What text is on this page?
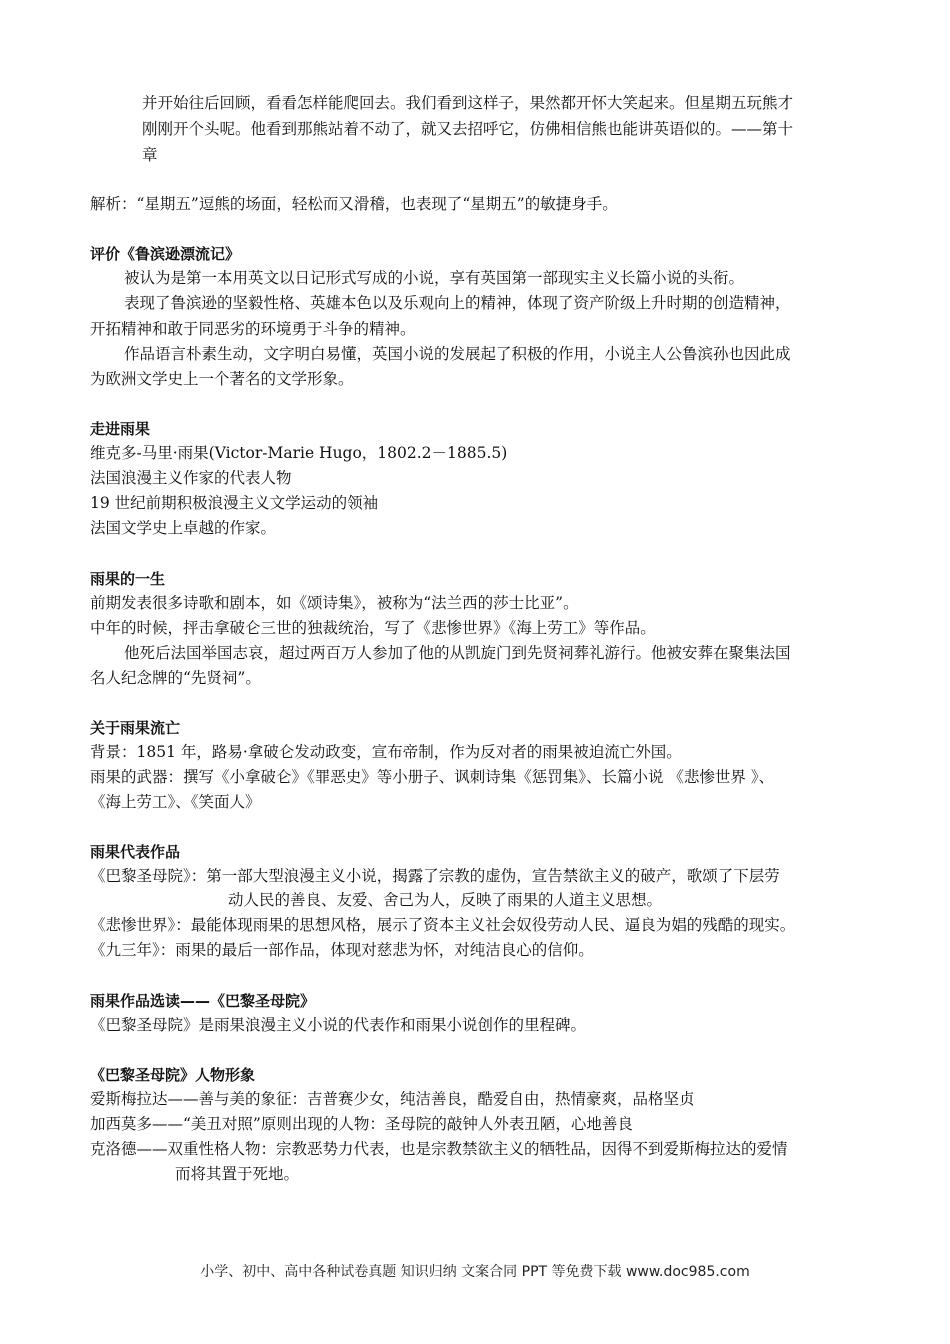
并开始往后回顾，看看怎样能爬回去。我们看到这样子，果然都开怀大笑起来。但星期五玩熊才
刚刚开个头呢。他看到那熊站着不动了，就又去招呼它，仿佛相信熊也能讲英语似的。——第十
章
解析：“星期五”逗熊的场面，轻松而又滑稽，也表现了“星期五”的敏捷身手。
评价《鲁滨逊漂流记》
被认为是第一本用英文以日记形式写成的小说，享有英国第一部现实主义长篇小说的头衔。
表现了鲁滨逊的坚毅性格、英雄本色以及乐观向上的精神，体现了资产阶级上升时期的创造精神，
开拓精神和敢于同恶劣的环境勇于斗争的精神。
作品语言朴素生动，文字明白易懂，英国小说的发展起了积极的作用，小说主人公鲁滨孙也因此成
为欧洲文学史上一个著名的文学形象。
走进雨果
维克多-马里·雨果(Victor-Marie Hugo，1802.2－1885.5)
法国浪漫主义作家的代表人物
19 世纪前期积极浪漫主义文学运动的领袖
法国文学史上卓越的作家。
雨果的一生
前期发表很多诗歌和剧本，如《颂诗集》，被称为“法兰西的莎士比亚”。
中年的时候，抨击拿破仑三世的独裁统治，写了《悲惨世界》《海上劳工》等作品。
他死后法国举国志哀，超过两百万人参加了他的从凯旋门到先贤祠葬礼游行。他被安葬在聚集法国
名人纪念牌的“先贤祠”。
关于雨果流亡
背景：1851 年，路易·拿破仑发动政变，宣布帝制，作为反对者的雨果被迫流亡外国。
雨果的武器：撰写《小拿破仑》《罪恶史》等小册子、讽刺诗集《惩罚集》、长篇小说 《悲惨世界 》、
《海上劳工》、《笑面人》
雨果代表作品
《巴黎圣母院》：第一部大型浪漫主义小说，揭露了宗教的虚伪，宣告禁欲主义的破产，歌颂了下层劳
动人民的善良、友爱、舍己为人，反映了雨果的人道主义思想。
《悲惨世界》：最能体现雨果的思想风格，展示了资本主义社会奴役劳动人民、逼良为娼的残酷的现实。
《九三年》：雨果的最后一部作品，体现对慈悲为怀，对纯洁良心的信仰。
雨果作品选读——《巴黎圣母院》
《巴黎圣母院》是雨果浪漫主义小说的代表作和雨果小说创作的里程碑。
《巴黎圣母院》人物形象
爱斯梅拉达——善与美的象征：吉普赛少女，纯洁善良，酷爱自由，热情豪爽，品格坚贞
加西莫多——“美丑对照”原则出现的人物：圣母院的敲钟人外表丑陋，心地善良
克洛德——双重性格人物：宗教恶势力代表，也是宗教禁欲主义的牺牲品，因得不到爱斯梅拉达的爱情
而将其置于死地。
小学、初中、高中各种试卷真题 知识归纳 文案合同 PPT 等免费下载 www.doc985.com
